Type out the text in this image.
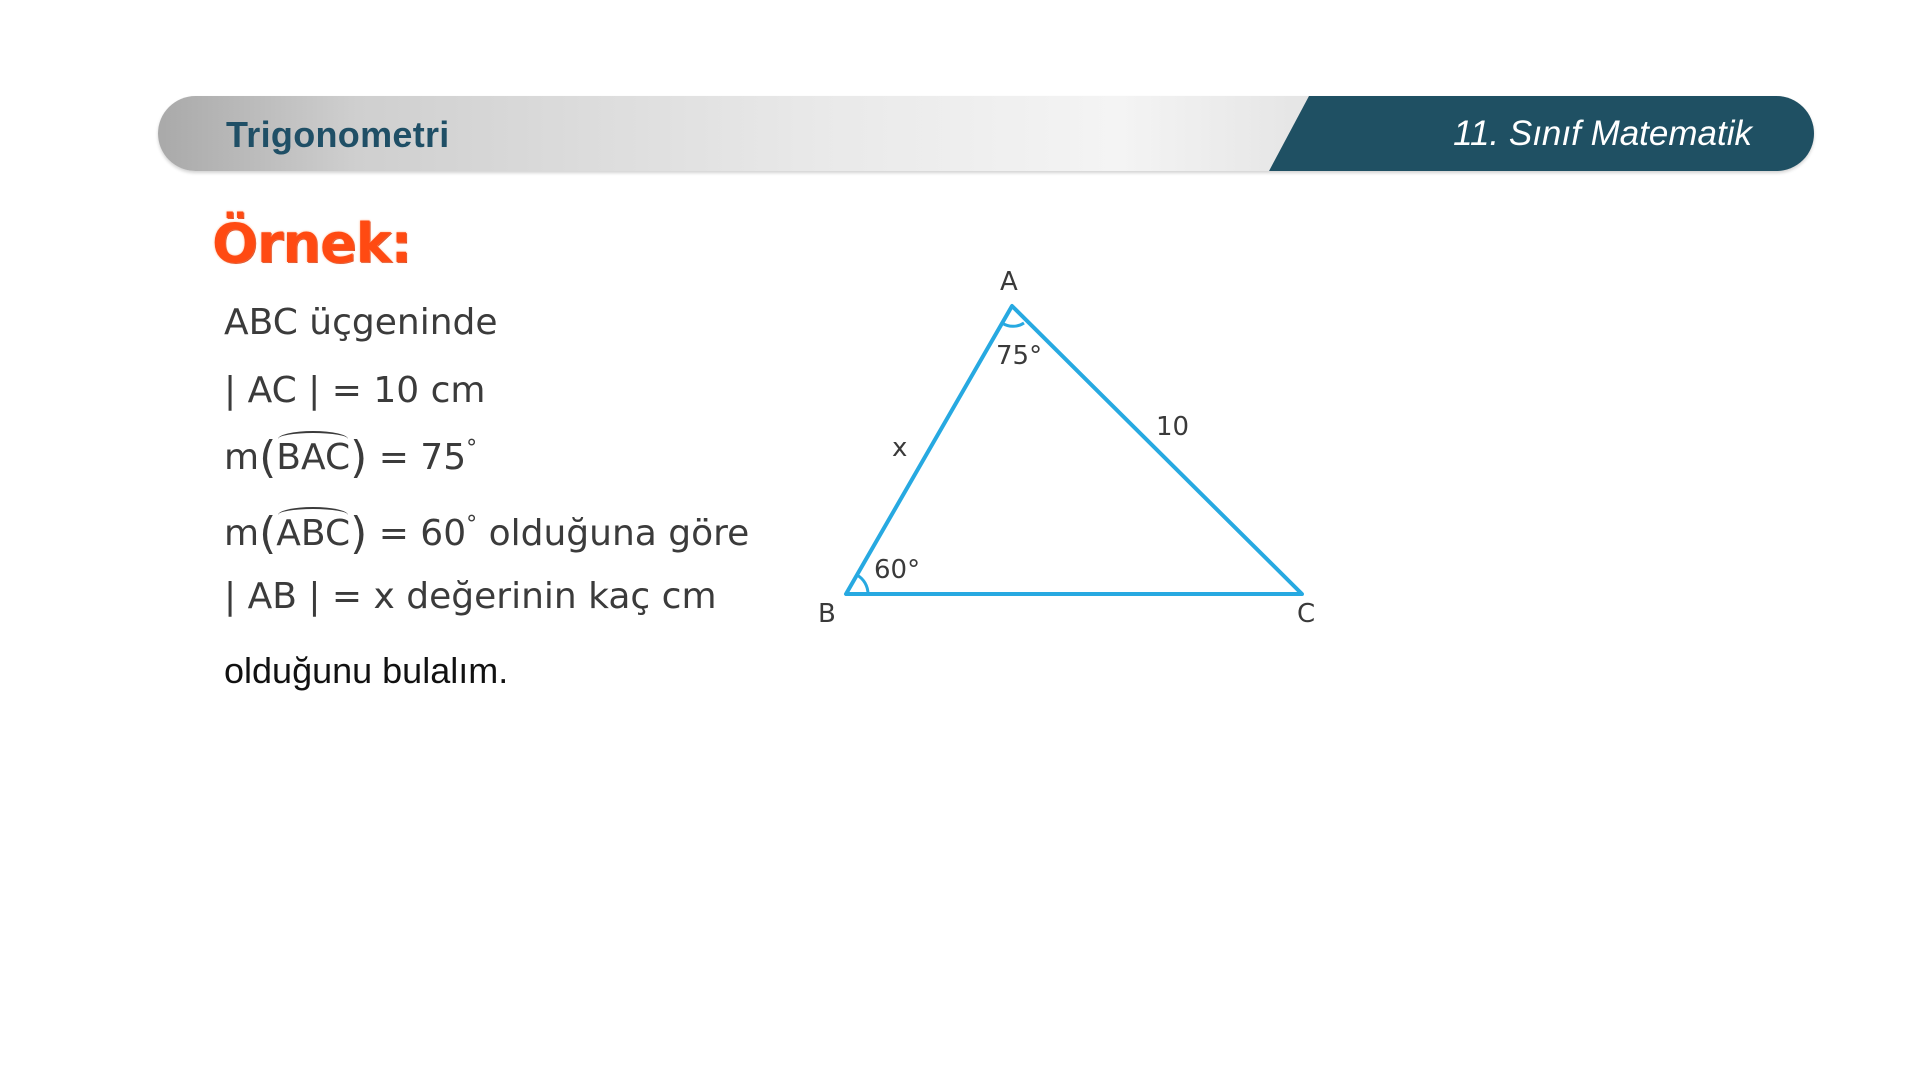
Trigonometri	11. Sınıf Matematik
Örnek:
ABC üçgeninde
| AC | = 10 cm
m(BAC) = 75°
m(ABC) = 60° olduğuna göre
| AB | = x değerinin kaç cm
olduğunu bulalım.
A
B	C
75°
60°
x
10
